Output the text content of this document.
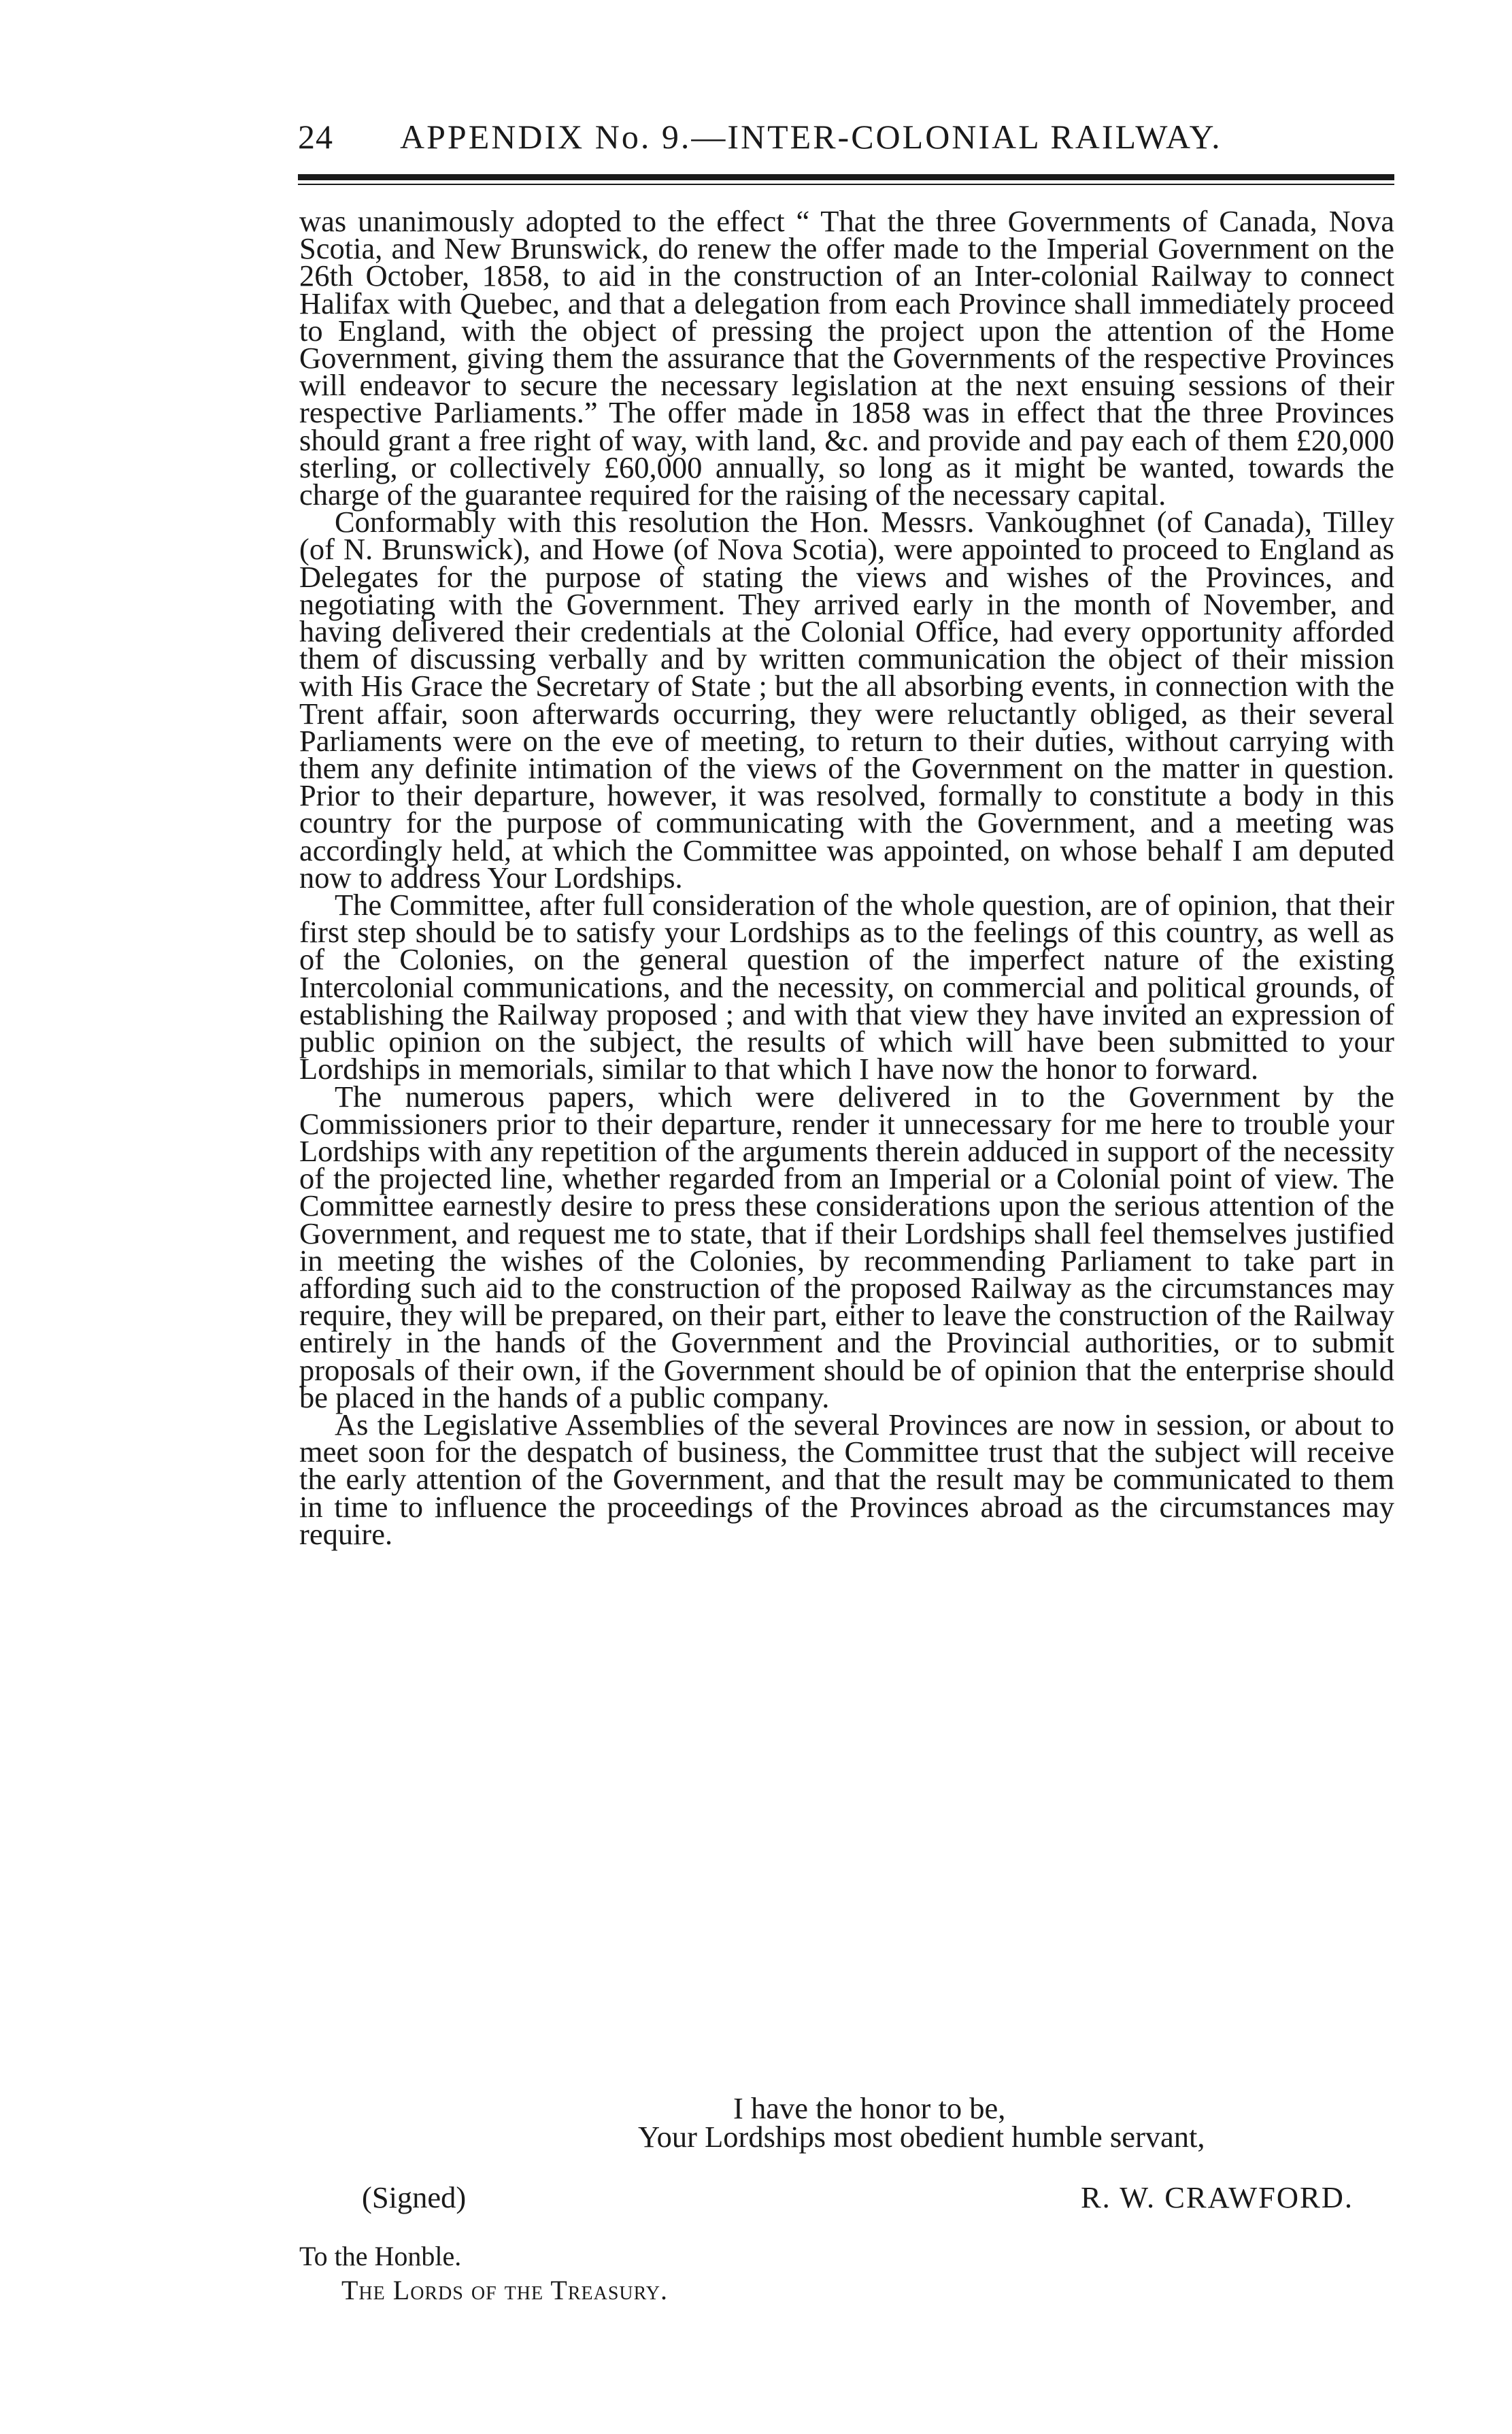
24 APPENDIX No. 9.—INTER-COLONIAL RAILWAY.

was unanimously adopted to the effect “ That the three Governments of Canada, Nova Scotia, and New Brunswick, do renew the offer made to the Imperial Government on the 26th October, 1858, to aid in the construction of an Inter-colonial Railway to connect Halifax with Quebec, and that a delegation from each Province shall immediately proceed to England, with the object of pressing the project upon the attention of the Home Government, giving them the assurance that the Governments of the respective Provinces will endeavor to secure the necessary legislation at the next ensuing sessions of their respective Parliaments.” The offer made in 1858 was in effect that the three Provinces should grant a free right of way, with land, &c. and provide and pay each of them £20,000 sterling, or collectively £60,000 annually, so long as it might be wanted, towards the charge of the guarantee required for the raising of the necessary capital.

Conformably with this resolution the Hon. Messrs. Vankoughnet (of Canada), Tilley (of N. Brunswick), and Howe (of Nova Scotia), were appointed to proceed to England as Delegates for the purpose of stating the views and wishes of the Provinces, and negotiating with the Government. They arrived early in the month of November, and having delivered their credentials at the Colonial Office, had every opportunity afforded them of discussing verbally and by written communication the object of their mission with His Grace the Secretary of State ; but the all absorbing events, in connection with the Trent affair, soon afterwards occurring, they were reluctantly obliged, as their several Parliaments were on the eve of meeting, to return to their duties, without carrying with them any definite intimation of the views of the Government on the matter in question. Prior to their departure, however, it was resolved, formally to constitute a body in this country for the purpose of communicating with the Government, and a meeting was accordingly held, at which the Committee was appointed, on whose behalf I am deputed now to address Your Lordships.

The Committee, after full consideration of the whole question, are of opinion, that their first step should be to satisfy your Lordships as to the feelings of this country, as well as of the Colonies, on the general question of the imperfect nature of the existing Intercolonial communications, and the necessity, on commercial and political grounds, of establishing the Railway proposed ; and with that view they have invited an expression of public opinion on the subject, the results of which will have been submitted to your Lordships in memorials, similar to that which I have now the honor to forward.

The numerous papers, which were delivered in to the Government by the Commissioners prior to their departure, render it unnecessary for me here to trouble your Lordships with any repetition of the arguments therein adduced in support of the necessity of the projected line, whether regarded from an Imperial or a Colonial point of view. The Committee earnestly desire to press these considerations upon the serious attention of the Government, and request me to state, that if their Lordships shall feel themselves justified in meeting the wishes of the Colonies, by recommending Parliament to take part in affording such aid to the construction of the proposed Railway as the circumstances may require, they will be prepared, on their part, either to leave the construction of the Railway entirely in the hands of the Government and the Provincial authorities, or to submit proposals of their own, if the Government should be of opinion that the enterprise should be placed in the hands of a public company.

As the Legislative Assemblies of the several Provinces are now in session, or about to meet soon for the despatch of business, the Committee trust that the subject will receive the early attention of the Government, and that the result may be communicated to them in time to influence the proceedings of the Provinces abroad as the circumstances may require.

I have the honor to be,
Your Lordships most obedient humble servant,
(Signed)	R. W. CRAWFORD.
To the Honble.
The Lords of the Treasury.
